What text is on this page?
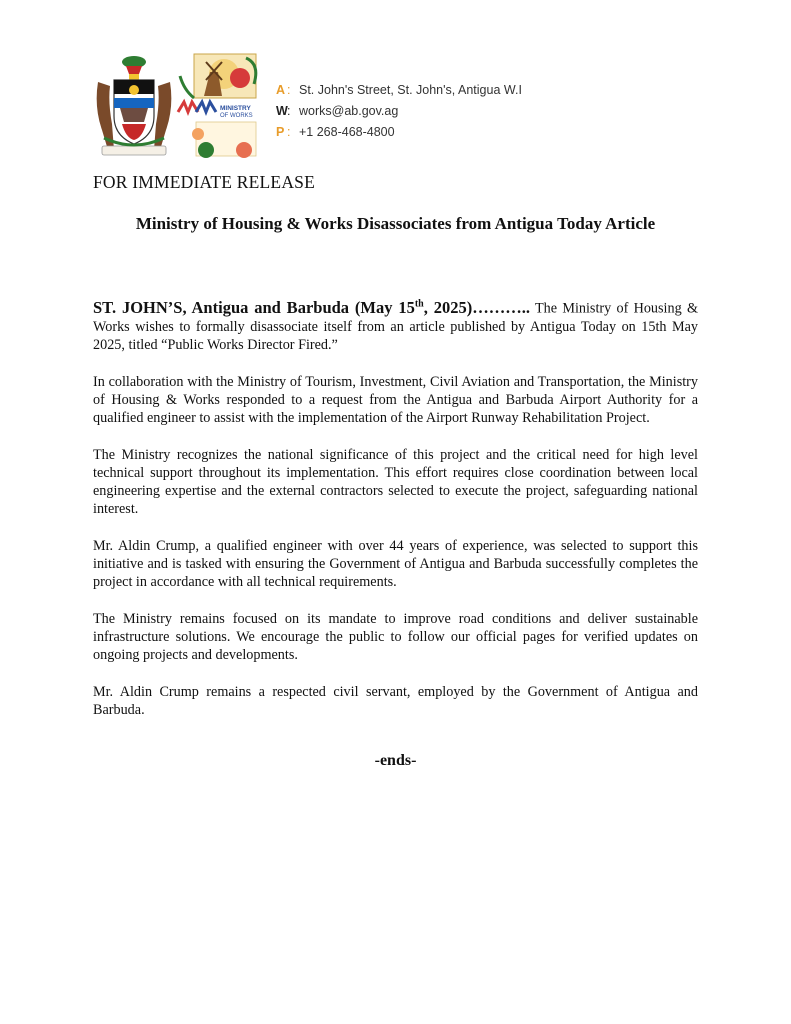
MINISTRY
OF WORKS
A : St. John's Street, St. John's, Antigua W.I
W: works@ab.gov.ag
P : +1 268-468-4800
FOR IMMEDIATE RELEASE
Ministry of Housing & Works Disassociates from Antigua Today Article

ST. JOHN’S, Antigua and Barbuda (May 15th, 2025)……….. The Ministry of Housing & Works wishes to formally disassociate itself from an article published by Antigua Today on 15th May 2025, titled “Public Works Director Fired.”

In collaboration with the Ministry of Tourism, Investment, Civil Aviation and Transportation, the Ministry of Housing & Works responded to a request from the Antigua and Barbuda Airport Authority for a qualified engineer to assist with the implementation of the Airport Runway Rehabilitation Project.

The Ministry recognizes the national significance of this project and the critical need for high level technical support throughout its implementation. This effort requires close coordination between local engineering expertise and the external contractors selected to execute the project, safeguarding national interest.

Mr. Aldin Crump, a qualified engineer with over 44 years of experience, was selected to support this initiative and is tasked with ensuring the Government of Antigua and Barbuda successfully completes the project in accordance with all technical requirements.

The Ministry remains focused on its mandate to improve road conditions and deliver sustainable infrastructure solutions. We encourage the public to follow our official pages for verified updates on ongoing projects and developments.

Mr. Aldin Crump remains a respected civil servant, employed by the Government of Antigua and Barbuda.

-ends-
